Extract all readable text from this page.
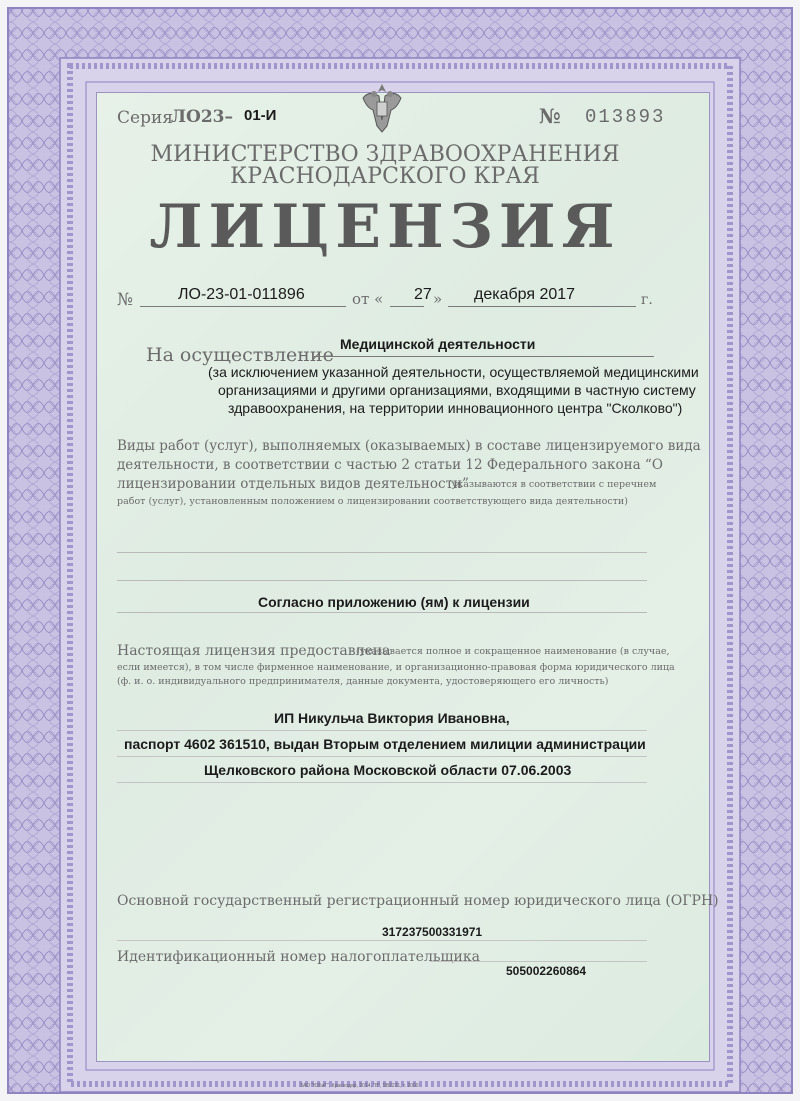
Серия
ЛО23– 01-И	№ 013893
МИНИСТЕРСТВО ЗДРАВООХРАНЕНИЯ
КРАСНОДАРСКОГО КРАЯ
ЛИЦЕНЗИЯ
№	ЛО-23-01-011896	от « 27 » декабря 2017	г.
Медицинской деятельности
На осуществление
(за исключением указанной деятельности, осуществляемой медицинскими
организациями и другими организациями, входящими в частную систему
здравоохранения, на территории инновационного центра "Сколково")
Виды работ (услуг), выполняемых (оказываемых) в составе лицензируемого вида
деятельности, в соответствии с частью 2 статьи 12 Федерального закона “О
лицензировании отдельных видов деятельности”
(указываются в соответствии с перечнем
работ (услуг), установленным положением о лицензировании соответствующего вида деятельности)
Согласно приложению (ям) к лицензии
Настоящая лицензия предоставлена
(указывается полное и сокращенное наименование (в случае,
если имеется), в том числе фирменное наименование, и организационно-правовая форма юридического лица
(ф. и. о. индивидуального предпринимателя, данные документа, удостоверяющего его личность)
ИП Никульча Виктория Ивановна,
паспорт 4602 361510, выдан Вторым отделением милиции администрации
Щелковского района Московской области 07.06.2003
Основной государственный регистрационный номер юридического лица (ОГРН)
317237500331971
Идентификационный номер налогоплательщика
505002260864
ЗАО "ЮБиГ", Краснодар, 2014, "В", 5В2231, т. 2000
